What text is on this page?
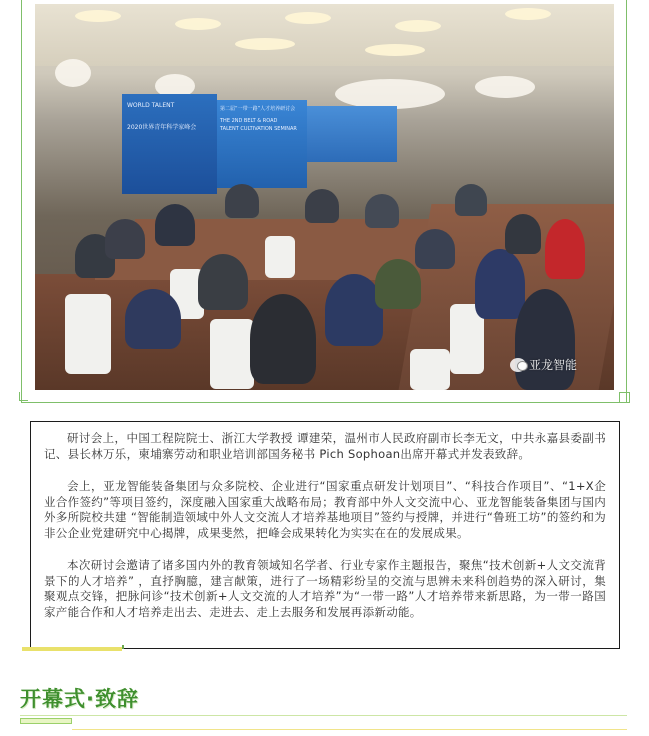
WORLD TALENT
2020世界青年科学家峰会
第二届“一带一路”人才培养研讨会
THE 2ND BELT & ROAD
TALENT CULTIVATION SEMINAR
亚龙智能

研讨会上，中国工程院院士、浙江大学教授 谭建荣，温州市人民政府副市长李无文，中共永嘉县委副书记、县长林万乐，柬埔寨劳动和职业培训部国务秘书 Pich Sophoan出席开幕式并发表致辞。

会上，亚龙智能装备集团与众多院校、企业进行“国家重点研发计划项目”、“科技合作项目”、“1+X企业合作签约”等项目签约，深度融入国家重大战略布局；教育部中外人文交流中心、亚龙智能装备集团与国内外多所院校共建 “智能制造领域中外人文交流人才培养基地项目”签约与授牌，并进行“鲁班工坊”的签约和为非公企业党建研究中心揭牌，成果斐然，把峰会成果转化为实实在在的发展成果。

本次研讨会邀请了诸多国内外的教育领域知名学者、行业专家作主题报告，聚焦“技术创新+人文交流背景下的人才培养” ，直抒胸臆，建言献策，进行了一场精彩纷呈的交流与思辨未来科创趋势的深入研讨，集聚观点交锋，把脉问诊“技术创新+人文交流的人才培养”为“一带一路”人才培养带来新思路，为一带一路国家产能合作和人才培养走出去、走进去、走上去服务和发展再添新动能。

开幕式·致辞
